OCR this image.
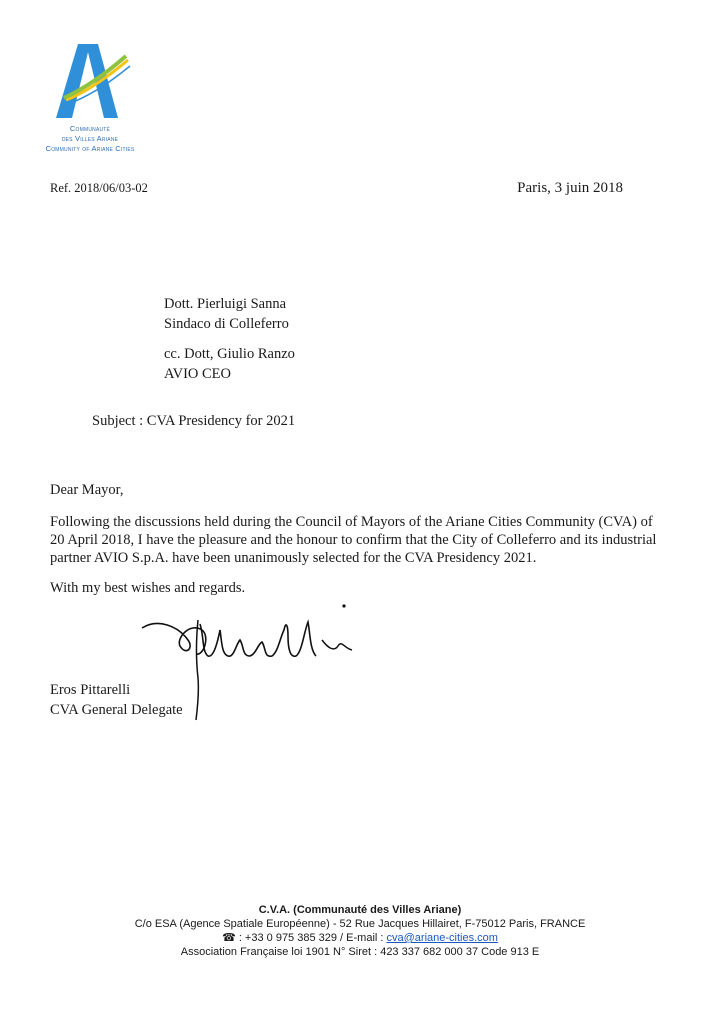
Communauté
des Villes Ariane
Community of Ariane Cities
Ref. 2018/06/03-02	Paris, 3 juin 2018
Dott. Pierluigi Sanna
Sindaco di Colleferro
cc. Dott, Giulio Ranzo
AVIO CEO
Subject : CVA Presidency for 2021
Dear Mayor,
Following the discussions held during the Council of Mayors of the Ariane Cities Community (CVA) of
20 April 2018, I have the pleasure and the honour to confirm that the City of Colleferro and its industrial
partner AVIO S.p.A. have been unanimously selected for the CVA Presidency 2021.
With my best wishes and regards.
Eros Pittarelli
CVA General Delegate
C.V.A. (Communauté des Villes Ariane)
C/o ESA (Agence Spatiale Européenne) - 52 Rue Jacques Hillairet, F-75012 Paris, FRANCE
☎ : +33 0 975 385 329 / E-mail : cva@ariane-cities.com
Association Française loi 1901 N° Siret : 423 337 682 000 37 Code 913 E
